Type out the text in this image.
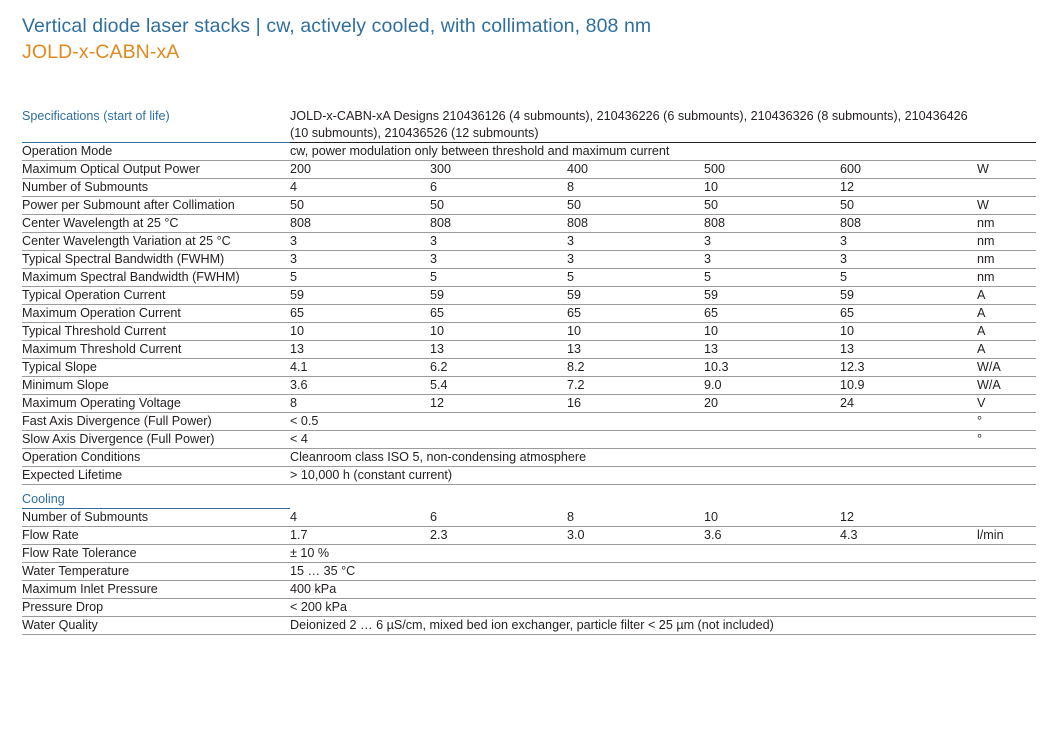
Vertical diode laser stacks | cw, actively cooled, with collimation, 808 nm
JOLD-x-CABN-xA
Specifications (start of life)	JOLD-x-CABN-xA Designs 210436126 (4 submounts), 210436226 (6 submounts), 210436326 (8 submounts), 210436426 (10 submounts), 210436526 (12 submounts)					
Operation Mode	cw, power modulation only between threshold and maximum current					
Maximum Optical Output Power	200	300	400	500	600	W
Number of Submounts	4	6	8	10	12	
Power per Submount after Collimation	50	50	50	50	50	W
Center Wavelength at 25 °C	808	808	808	808	808	nm
Center Wavelength Variation at 25 °C	3	3	3	3	3	nm
Typical Spectral Bandwidth (FWHM)	3	3	3	3	3	nm
Maximum Spectral Bandwidth (FWHM)	5	5	5	5	5	nm
Typical Operation Current	59	59	59	59	59	A
Maximum Operation Current	65	65	65	65	65	A
Typical Threshold Current	10	10	10	10	10	A
Maximum Threshold Current	13	13	13	13	13	A
Typical Slope	4.1	6.2	8.2	10.3	12.3	W/A
Minimum Slope	3.6	5.4	7.2	9.0	10.9	W/A
Maximum Operating Voltage	8	12	16	20	24	V
Fast Axis Divergence (Full Power)	< 0.5					°
Slow Axis Divergence (Full Power)	< 4					°
Operation Conditions	Cleanroom class ISO 5, non-condensing atmosphere					
Expected Lifetime	> 10,000 h (constant current)					

Cooling						
Number of Submounts	4	6	8	10	12	
Flow Rate	1.7	2.3	3.0	3.6	4.3	l/min
Flow Rate Tolerance	± 10 %					
Water Temperature	15 … 35 °C					
Maximum Inlet Pressure	400 kPa					
Pressure Drop	< 200 kPa					
Water Quality	Deionized 2 … 6 µS/cm, mixed bed ion exchanger, particle filter < 25 µm (not included)					
